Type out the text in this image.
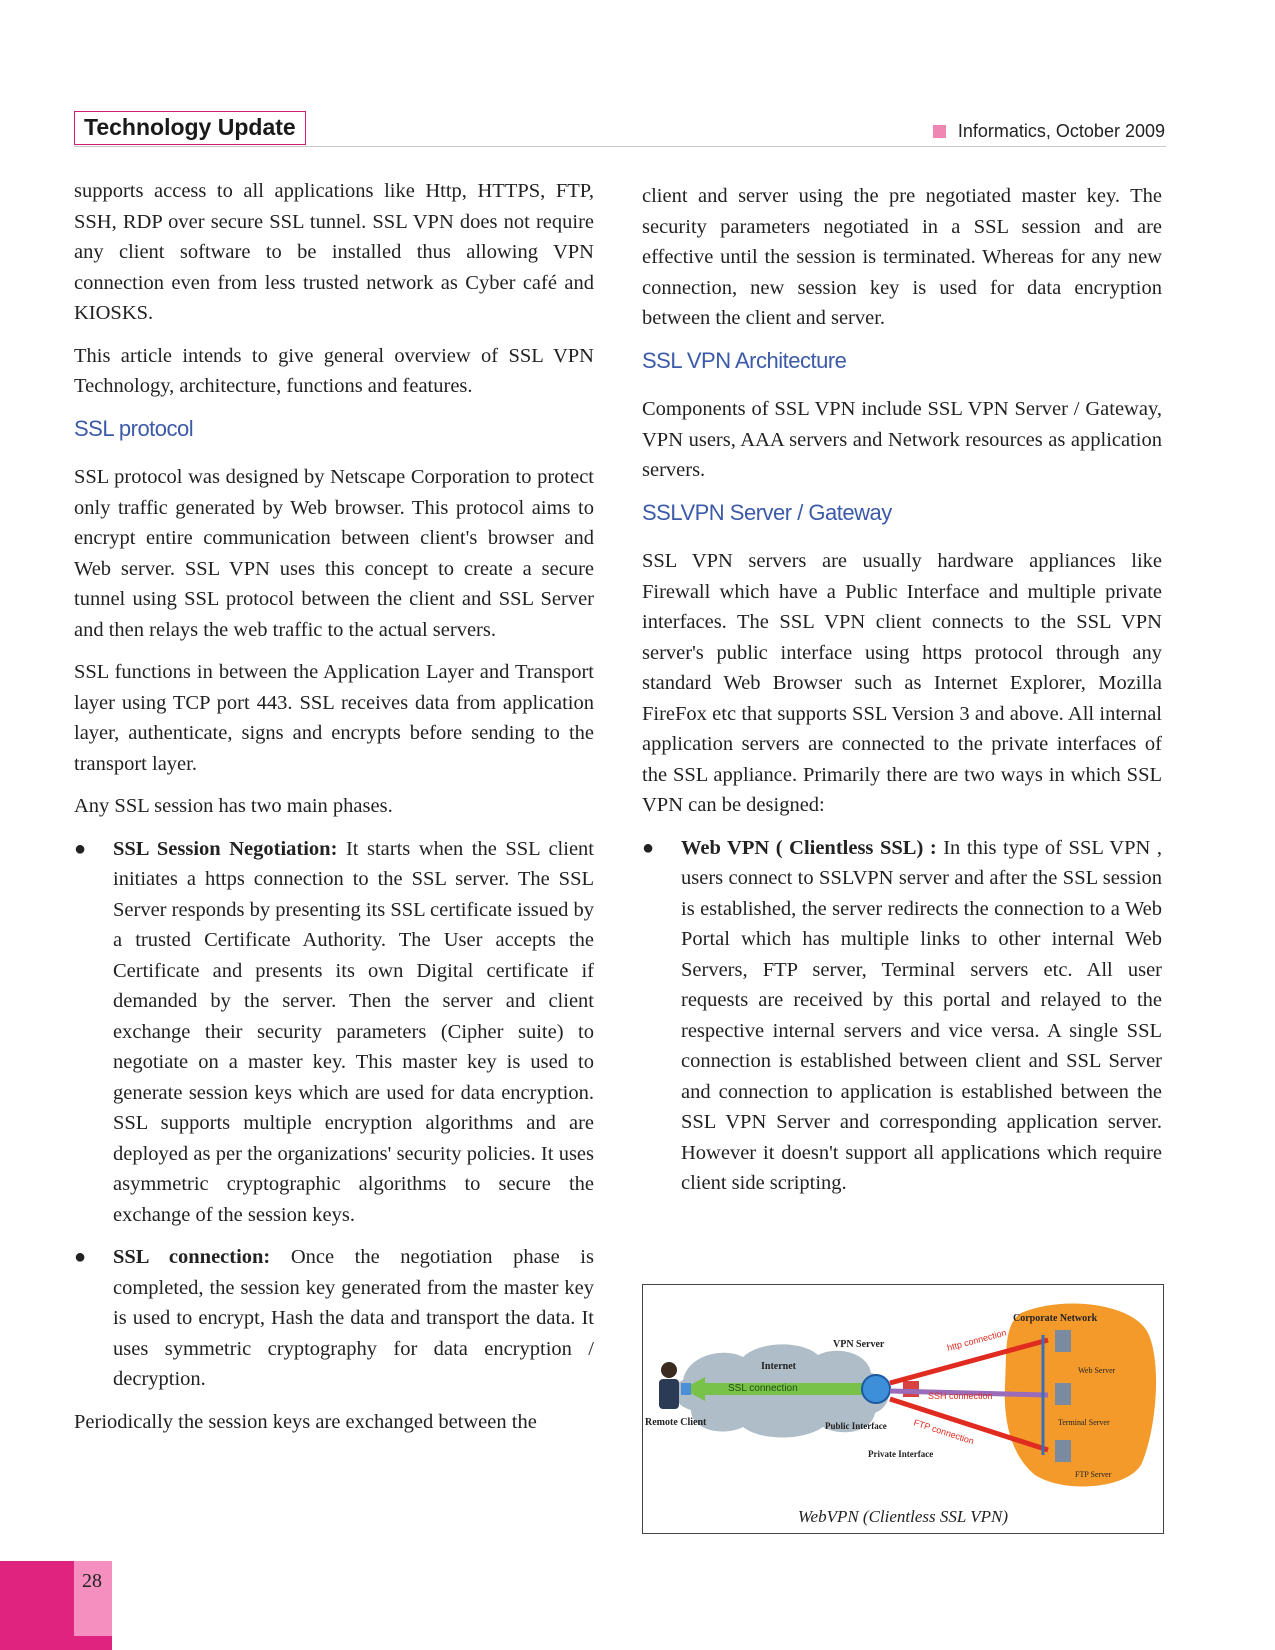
Technology Update	Informatics, October 2009

supports access to all applications like Http, HTTPS, FTP, SSH, RDP over secure SSL tunnel. SSL VPN does not require any client software to be installed thus allowing VPN connection even from less trusted network as Cyber café and KIOSKS.

This article intends to give general overview of SSL VPN Technology, architecture, functions and features.

SSL protocol

SSL protocol was designed by Netscape Corporation to protect only traffic generated by Web browser. This protocol aims to encrypt entire communication between client's browser and Web server. SSL VPN uses this concept to create a secure tunnel using SSL protocol between the client and SSL Server and then relays the web traffic to the actual servers.

SSL functions in between the Application Layer and Transport layer using TCP port 443. SSL receives data from application layer, authenticate, signs and encrypts before sending to the transport layer.

Any SSL session has two main phases.

● SSL Session Negotiation: It starts when the SSL client initiates a https connection to the SSL server. The SSL Server responds by presenting its SSL certificate issued by a trusted Certificate Authority. The User accepts the Certificate and presents its own Digital certificate if demanded by the server. Then the server and client exchange their security parameters (Cipher suite) to negotiate on a master key. This master key is used to generate session keys which are used for data encryption. SSL supports multiple encryption algorithms and are deployed as per the organizations' security policies. It uses asymmetric cryptographic algorithms to secure the exchange of the session keys.
● SSL connection: Once the negotiation phase is completed, the session key generated from the master key is used to encrypt, Hash the data and transport the data. It uses symmetric cryptography for data encryption / decryption.

Periodically the session keys are exchanged between the

client and server using the pre negotiated master key. The security parameters negotiated in a SSL session and are effective until the session is terminated. Whereas for any new connection, new session key is used for data encryption between the client and server.

SSL VPN Architecture

Components of SSL VPN include SSL VPN Server / Gateway, VPN users, AAA servers and Network resources as application servers.

SSLVPN Server / Gateway

SSL VPN servers are usually hardware appliances like Firewall which have a Public Interface and multiple private interfaces. The SSL VPN client connects to the SSL VPN server's public interface using https protocol through any standard Web Browser such as Internet Explorer, Mozilla FireFox etc that supports SSL Version 3 and above. All internal application servers are connected to the private interfaces of the SSL appliance. Primarily there are two ways in which SSL VPN can be designed:

● Web VPN ( Clientless SSL) : In this type of SSL VPN , users connect to SSLVPN server and after the SSL session is established, the server redirects the connection to a Web Portal which has multiple links to other internal Web Servers, FTP server, Terminal servers etc. All user requests are received by this portal and relayed to the respective internal servers and vice versa. A single SSL connection is established between client and SSL Server and connection to application is established between the SSL VPN Server and corresponding application server. However it doesn't support all applications which require client side scripting.
Corporate Network
VPN Server
Internet
SSL connection
Remote Client	Public Interface
Private Interface
http connection
SSH connection
FTP connection
Web Server
Terminal Server
FTP Server
WebVPN (Clientless SSL VPN)
28
